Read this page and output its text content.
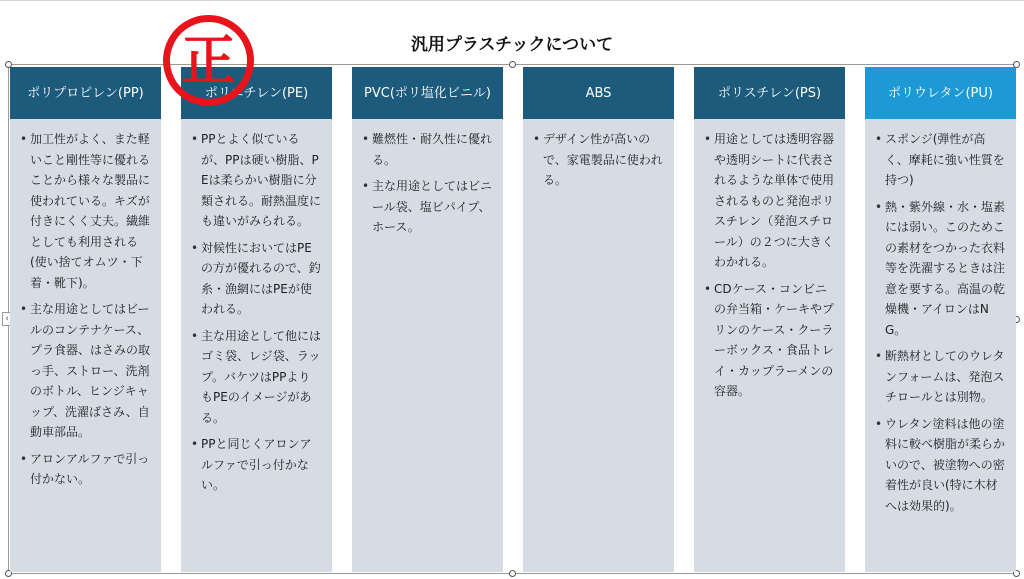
汎用プラスチックについて
‹
ポリプロピレン(PP)
• 加工性がよく、また軽いこと剛性等に優れることから様々な製品に使われている。キズが付きにくく丈夫。繊維としても利用される(使い捨てオムツ・下着・靴下)。
• 主な用途としてはビールのコンテナケース、プラ食器、はさみの取っ手、ストロー、洗剤のボトル、ヒンジキャップ、洗濯ばさみ、自動車部品。
• アロンアルファで引っ付かない。
ポリエチレン(PE)
• PPとよく似ているが、PPは硬い樹脂、PEは柔らかい樹脂に分類される。耐熱温度にも違いがみられる。
• 対候性においてはPEの方が優れるので、釣糸・漁網にはPEが使われる。
• 主な用途として他にはゴミ袋、レジ袋、ラップ。バケツはPPよりもPEのイメージがある。
• PPと同じくアロンアルファで引っ付かない。
PVC(ポリ塩化ビニル)
• 難燃性・耐久性に優れる。
• 主な用途としてはビニール袋、塩ビパイプ、ホース。
ABS
• デザイン性が高いので、家電製品に使われる。
ポリスチレン(PS)
• 用途としては透明容器や透明シートに代表されるような単体で使用されるものと発泡ポリスチレン（発泡スチロール）の２つに大きくわかれる。
• CDケース・コンビニの弁当箱・ケーキやプリンのケース・クーラーボックス・食品トレイ・カップラーメンの容器。
ポリウレタン(PU)
• スポンジ(弾性が高く、摩耗に強い性質を持つ)
• 熱・紫外線・水・塩素には弱い。このためこの素材をつかった衣料等を洗濯するときは注意を要する。高温の乾燥機・アイロンはNG。
• 断熱材としてのウレタンフォームは、発泡スチロールとは別物。
• ウレタン塗料は他の塗料に較べ樹脂が柔らかいので、被塗物への密着性が良い(特に木材へは効果的)。
正
